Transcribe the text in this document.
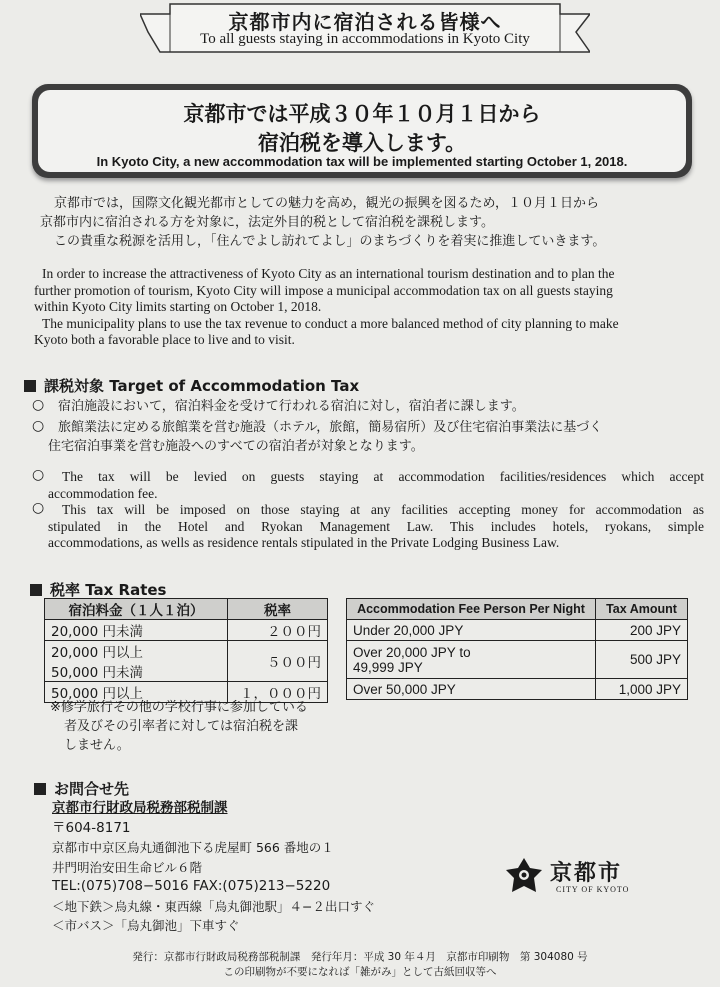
京都市内に宿泊される皆様へ
To all guests staying in accommodations in Kyoto City
京都市では平成３０年１０月１日から
宿泊税を導入します。
In Kyoto City, a new accommodation tax will be implemented starting October 1, 2018.
京都市では，国際文化観光都市としての魅力を高め，観光の振興を図るため，１０月１日から
京都市内に宿泊される方を対象に，法定外目的税として宿泊税を課税します。
この貴重な税源を活用し，「住んでよし訪れてよし」のまちづくりを着実に推進していきます。
In order to increase the attractiveness of Kyoto City as an international tourism destination and to plan the
further promotion of tourism, Kyoto City will impose a municipal accommodation tax on all guests staying
within Kyoto City limits starting on October 1, 2018.
The municipality plans to use the tax revenue to conduct a more balanced method of city planning to make
Kyoto both a favorable place to live and to visit.
課税対象 Target of Accommodation Tax
○ 宿泊施設において，宿泊料金を受けて行われる宿泊に対し，宿泊者に課します。
○ 旅館業法に定める旅館業を営む施設（ホテル，旅館，簡易宿所）及び住宅宿泊事業法に基づく
住宅宿泊事業を営む施設へのすべての宿泊者が対象となります。
○	The tax will be levied on guests staying at accommodation facilities/residences which accept
accommodation fee.
○	This tax will be imposed on those staying at any facilities accepting money for accommodation as
stipulated in the Hotel and Ryokan Management Law. This includes hotels, ryokans, simple
accommodations, as wells as residence rentals stipulated in the Private Lodging Business Law.
税率 Tax Rates
宿泊料金（１人１泊）	税率
20,000 円未満	２００円

20,000 円以上
50,000 円未満	５００円
50,000 円以上	１，０００円
※修学旅行その他の学校行事に参加している
者及びその引率者に対しては宿泊税を課
しません。
Accommodation Fee Person Per Night	Tax Amount
Under 20,000 JPY	200 JPY

Over 20,000 JPY to
49,999 JPY	500 JPY
Over 50,000 JPY	1,000 JPY
お問合せ先
京都市行財政局税務部税制課
〒604-8171
京都市中京区烏丸通御池下る虎屋町 566 番地の１
井門明治安田生命ビル６階
TEL:(075)708−5016 FAX:(075)213−5220
＜地下鉄＞烏丸線・東西線「烏丸御池駅」４−２出口すぐ
＜市バス＞「烏丸御池」下車すぐ
京都市
CITY OF KYOTO
発行：京都市行財政局税務部税制課　発行年月：平成 30 年４月　京都市印刷物　第 304080 号
この印刷物が不要になれば「雑がみ」として古紙回収等へ
